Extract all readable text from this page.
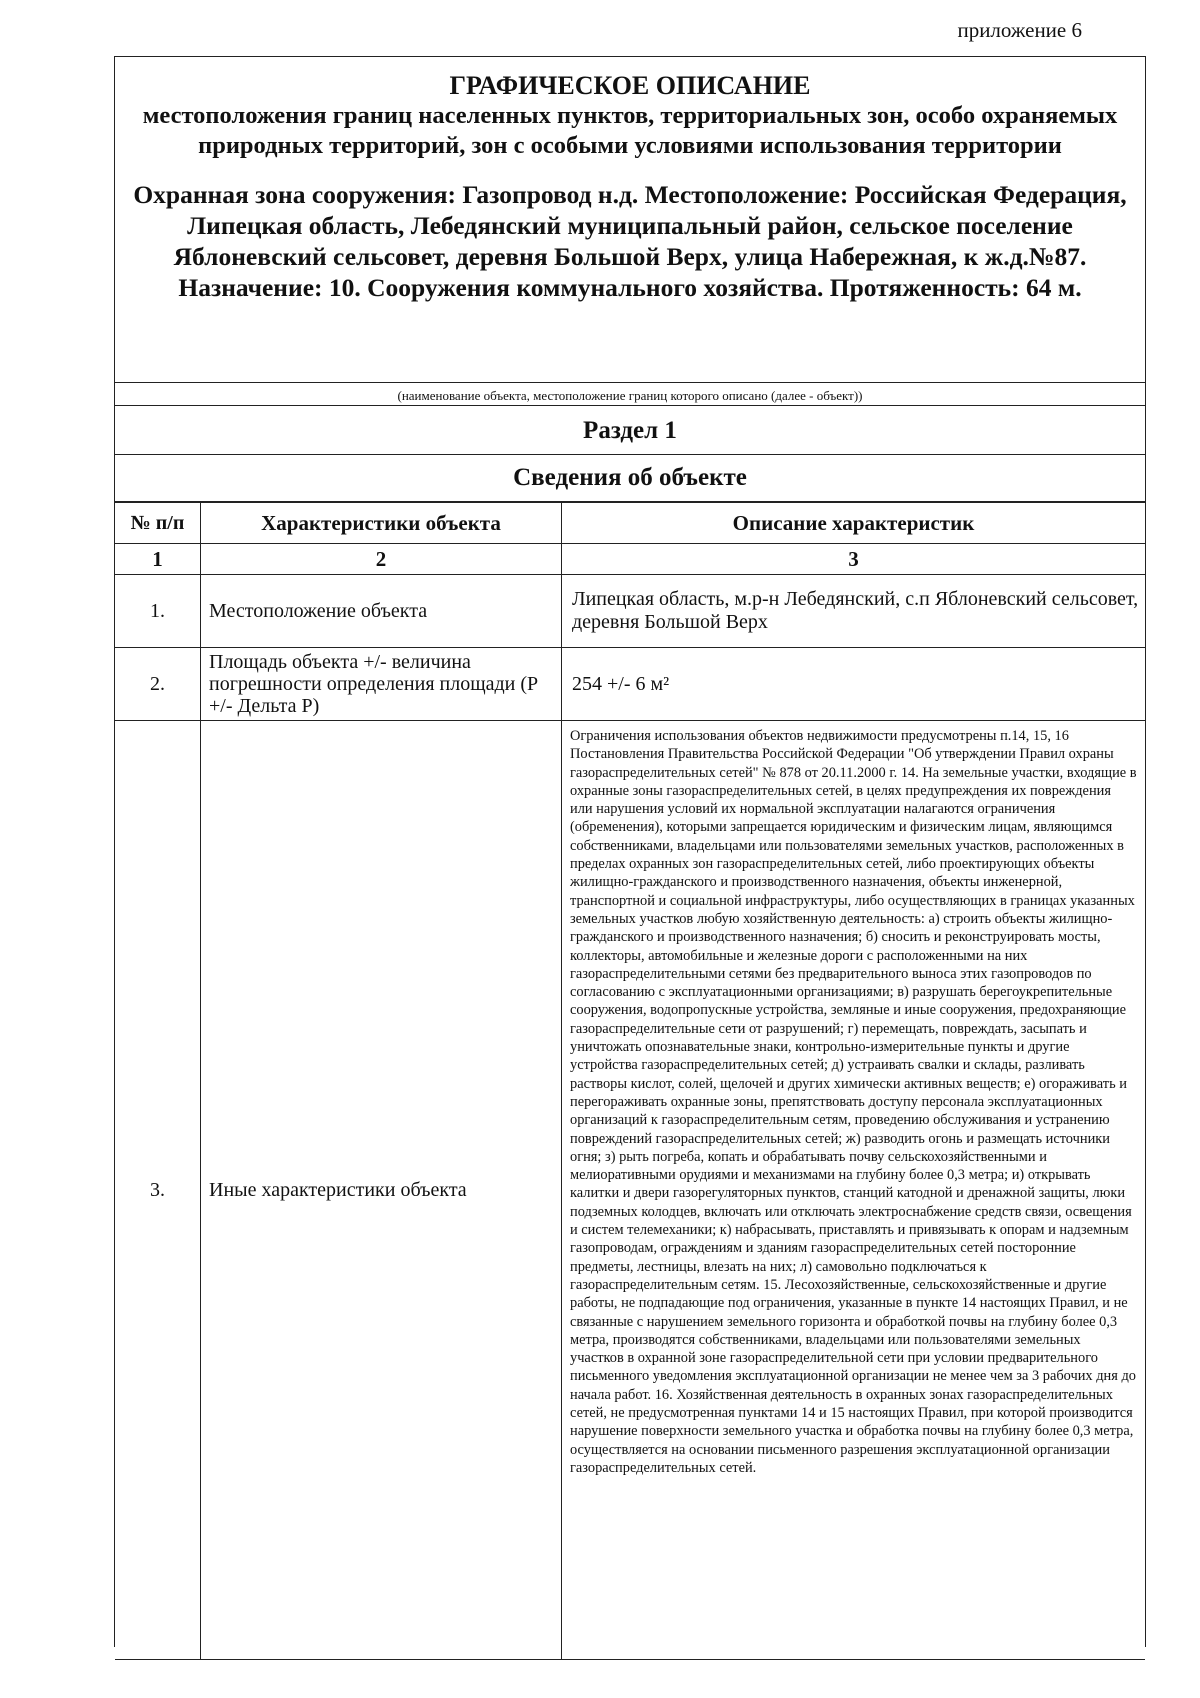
приложение 6
ГРАФИЧЕСКОЕ ОПИСАНИЕ
местоположения границ населенных пунктов, территориальных зон, особо охраняемых природных территорий, зон с особыми условиями использования территории
Охранная зона сооружения: Газопровод н.д. Местоположение: Российская Федерация, Липецкая область, Лебедянский муниципальный район, сельское поселение Яблоневский сельсовет, деревня Большой Верх, улица Набережная, к ж.д.№87. Назначение: 10. Сооружения коммунального хозяйства. Протяженность: 64 м.
(наименование объекта, местоположение границ которого описано (далее - объект))
Раздел 1
Сведения об объекте
№ п/п	Характеристики объекта	Описание характеристик
1	2	3
1.	Местоположение объекта	Липецкая область, м.р-н Лебедянский, с.п Яблоневский сельсовет, деревня Большой Верх
2.	Площадь объекта +/- величина погрешности определения площади (P +/- Дельта P)	254 +/- 6 м²
3.	Иные характеристики объекта	Ограничения использования объектов недвижимости предусмотрены п.14, 15, 16 Постановления Правительства Российской Федерации "Об утверждении Правил охраны газораспределительных сетей" № 878 от 20.11.2000 г. 14. На земельные участки, входящие в охранные зоны газораспределительных сетей, в целях предупреждения их повреждения или нарушения условий их нормальной эксплуатации налагаются ограничения (обременения), которыми запрещается юридическим и физическим лицам, являющимся собственниками, владельцами или пользователями земельных участков, расположенных в пределах охранных зон газораспределительных сетей, либо проектирующих объекты жилищно-гражданского и производственного назначения, объекты инженерной, транспортной и социальной инфраструктуры, либо осуществляющих в границах указанных земельных участков любую хозяйственную деятельность: а) строить объекты жилищно-гражданского и производственного назначения; б) сносить и реконструировать мосты, коллекторы, автомобильные и железные дороги с расположенными на них газораспределительными сетями без предварительного выноса этих газопроводов по согласованию с эксплуатационными организациями; в) разрушать берегоукрепительные сооружения, водопропускные устройства, земляные и иные сооружения, предохраняющие газораспределительные сети от разрушений; г) перемещать, повреждать, засыпать и уничтожать опознавательные знаки, контрольно-измерительные пункты и другие устройства газораспределительных сетей; д) устраивать свалки и склады, разливать растворы кислот, солей, щелочей и других химически активных веществ; е) огораживать и перегораживать охранные зоны, препятствовать доступу персонала эксплуатационных организаций к газораспределительным сетям, проведению обслуживания и устранению повреждений газораспределительных сетей; ж) разводить огонь и размещать источники огня; з) рыть погреба, копать и обрабатывать почву сельскохозяйственными и мелиоративными орудиями и механизмами на глубину более 0,3 метра; и) открывать калитки и двери газорегуляторных пунктов, станций катодной и дренажной защиты, люки подземных колодцев, включать или отключать электроснабжение средств связи, освещения и систем телемеханики; к) набрасывать, приставлять и привязывать к опорам и надземным газопроводам, ограждениям и зданиям газораспределительных сетей посторонние предметы, лестницы, влезать на них; л) самовольно подключаться к газораспределительным сетям. 15. Лесохозяйственные, сельскохозяйственные и другие работы, не подпадающие под ограничения, указанные в пункте 14 настоящих Правил, и не связанные с нарушением земельного горизонта и обработкой почвы на глубину более 0,3 метра, производятся собственниками, владельцами или пользователями земельных участков в охранной зоне газораспределительной сети при условии предварительного письменного уведомления эксплуатационной организации не менее чем за 3 рабочих дня до начала работ. 16. Хозяйственная деятельность в охранных зонах газораспределительных сетей, не предусмотренная пунктами 14 и 15 настоящих Правил, при которой производится нарушение поверхности земельного участка и обработка почвы на глубину более 0,3 метра, осуществляется на основании письменного разрешения эксплуатационной организации газораспределительных сетей.
